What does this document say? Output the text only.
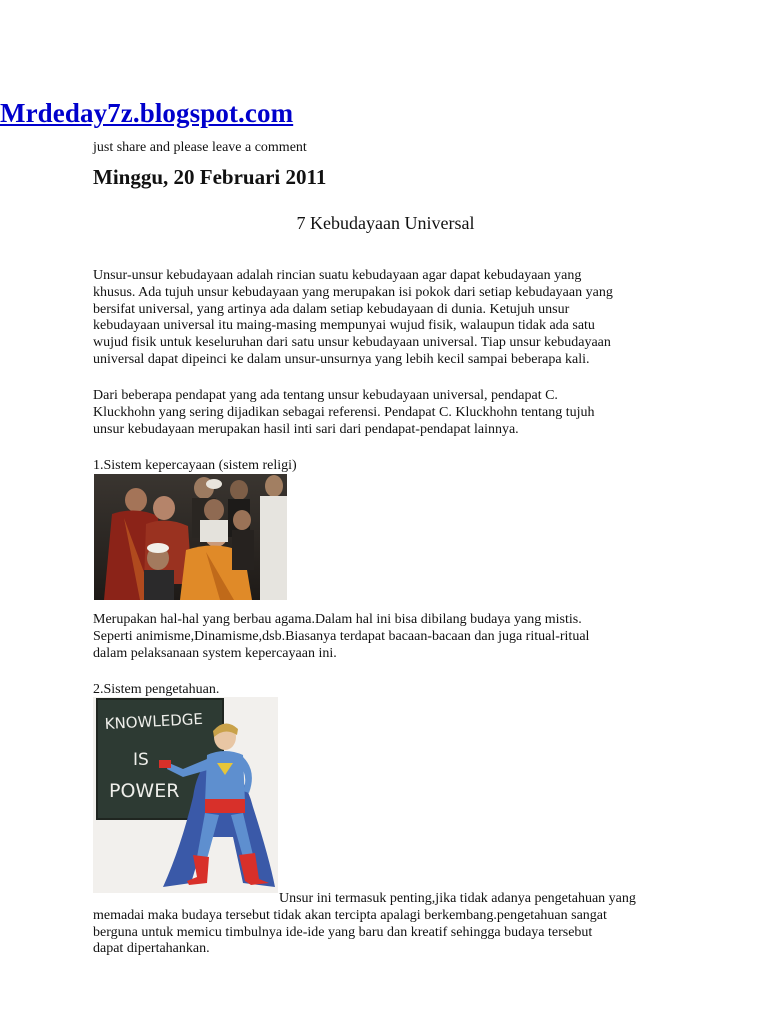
Mrdeday7z.blogspot.com
just share and please leave a comment
Minggu, 20 Februari 2011
7 Kebudayaan Universal
Unsur-unsur kebudayaan adalah rincian suatu kebudayaan agar dapat kebudayaan yang
khusus. Ada tujuh unsur kebudayaan yang merupakan isi pokok dari setiap kebudayaan yang
bersifat universal, yang artinya ada dalam setiap kebudayaan di dunia. Ketujuh unsur
kebudayaan universal itu maing-masing mempunyai wujud fisik, walaupun tidak ada satu
wujud fisik untuk keseluruhan dari satu unsur kebudayaan universal. Tiap unsur kebudayaan
universal dapat dipeinci ke dalam unsur-unsurnya yang lebih kecil sampai beberapa kali.
Dari beberapa pendapat yang ada tentang unsur kebudayaan universal, pendapat C.
Kluckhohn yang sering dijadikan sebagai referensi. Pendapat C. Kluckhohn tentang tujuh
unsur kebudayaan merupakan hasil inti sari dari pendapat-pendapat lainnya.
1.Sistem kepercayaan (sistem religi)
Merupakan hal-hal yang berbau agama.Dalam hal ini bisa dibilang budaya yang mistis.
Seperti animisme,Dinamisme,dsb.Biasanya terdapat bacaan-bacaan dan juga ritual-ritual
dalam pelaksanaan system kepercayaan ini.
2.Sistem pengetahuan.
Unsur ini termasuk penting,jika tidak adanya pengetahuan yang
memadai maka budaya tersebut tidak akan tercipta apalagi berkembang.pengetahuan sangat
berguna untuk memicu timbulnya ide-ide yang baru dan kreatif sehingga budaya tersebut
dapat dipertahankan.
KNOWLEDGE
IS
POWER
